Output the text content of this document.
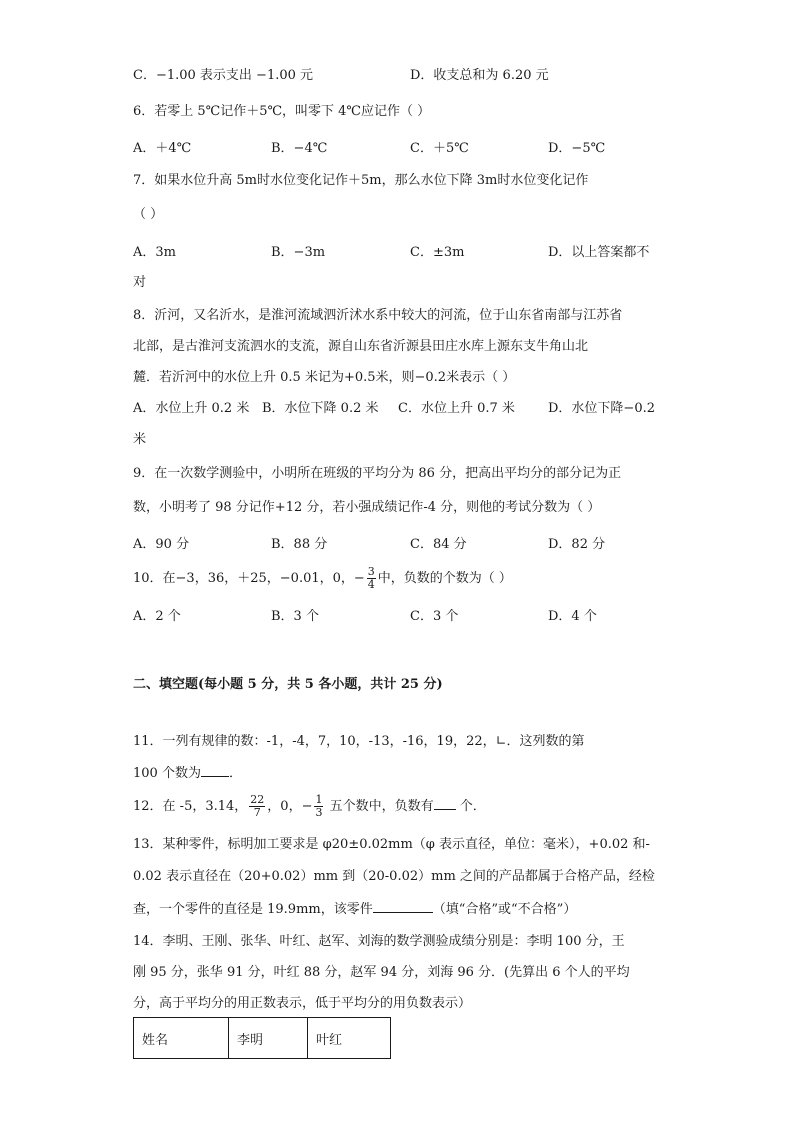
C．−1.00 表示支出 −1.00 元	D．收支总和为 6.20 元
6．若零上 5℃记作＋5℃，叫零下 4℃应记作（ ）
A．＋4℃	B．−4℃	C．＋5℃	D．−5℃
7．如果水位升高 5m时水位变化记作＋5m，那么水位下降 3m时水位变化记作
（ ）
A．3m	B．−3m	C．±3m	D．以上答案都不
对
8．沂河，又名沂水，是淮河流域泗沂沭水系中较大的河流，位于山东省南部与江苏省
北部，是古淮河支流泗水的支流，源自山东省沂源县田庄水库上源东支牛角山北
麓．若沂河中的水位上升 0.5 米记为+0.5米，则−0.2米表示（ ）
A．水位上升 0.2 米 B．水位下降 0.2 米 C．水位上升 0.7 米	D．水位下降−0.2
米
9．在一次数学测验中，小明所在班级的平均分为 86 分，把高出平均分的部分记为正
数，小明考了 98 分记作+12 分，若小强成绩记作-4 分，则他的考试分数为（ ）
A．90 分	B．88 分	C．84 分	D．82 分
10．在−3，36，＋25，−0.01，0，− $\frac{3}{4}$ 中，负数的个数为（ ）
A．2 个	B．3 个	C．3 个	D．4 个
二、填空题(每小题 5 分，共 5 各小题，共计 25 分)
11．一列有规律的数：-1，-4，7，10，-13，-16，19，22，∟．这列数的第
100 个数为 ．
12．在 -5，3.14， $\frac{22}{7}$ ，0，− $\frac{1}{3}$ 五个数中，负数有 个．
13．某种零件，标明加工要求是 φ20±0.02mm（φ 表示直径，单位：毫米），+0.02 和-
0.02 表示直径在（20+0.02）mm 到（20-0.02）mm 之间的产品都属于合格产品，经检
查，一个零件的直径是 19.9mm，该零件	（填“合格”或“不合格”）
14．李明、王刚、张华、叶红、赵军、刘海的数学测验成绩分别是：李明 100 分，王
刚 95 分，张华 91 分，叶红 88 分，赵军 94 分，刘海 96 分．(先算出 6 个人的平均
分，高于平均分的用正数表示，低于平均分的用负数表示）
姓名	李明	叶红
